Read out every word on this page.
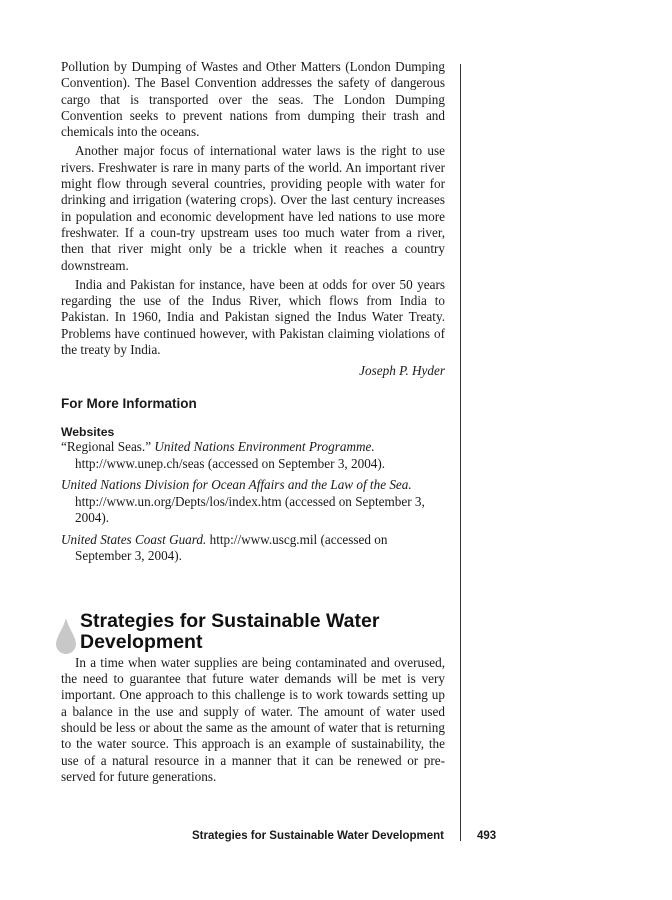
Pollution by Dumping of Wastes and Other Matters (London Dumping Convention). The Basel Convention addresses the safety of dangerous cargo that is transported over the seas. The London Dumping Convention seeks to prevent nations from dumping their trash and chemicals into the oceans.

Another major focus of international water laws is the right to use rivers. Freshwater is rare in many parts of the world. An important river might flow through several countries, providing people with water for drinking and irrigation (watering crops). Over the last century increases in population and economic development have led nations to use more freshwater. If a coun-try upstream uses too much water from a river, then that river might only be a trickle when it reaches a country downstream.

India and Pakistan for instance, have been at odds for over 50 years regarding the use of the Indus River, which flows from India to Pakistan. In 1960, India and Pakistan signed the Indus Water Treaty. Problems have continued however, with Pakistan claiming violations of the treaty by India.

Joseph P. Hyder
For More Information
Websites
“Regional Seas.” United Nations Environment Programme. http://www.unep.ch/seas (accessed on September 3, 2004).
United Nations Division for Ocean Affairs and the Law of the Sea. http://www.un.org/Depts/los/index.htm (accessed on September 3, 2004).
United States Coast Guard. http://www.uscg.mil (accessed on September 3, 2004).
Strategies for Sustainable Water
Development

In a time when water supplies are being contaminated and overused, the need to guarantee that future water demands will be met is very important. One approach to this challenge is to work towards setting up a balance in the use and supply of water. The amount of water used should be less or about the same as the amount of water that is returning to the water source. This approach is an example of sustainability, the use of a natural resource in a manner that it can be renewed or pre-served for future generations.

Strategies for Sustainable Water Development	493
